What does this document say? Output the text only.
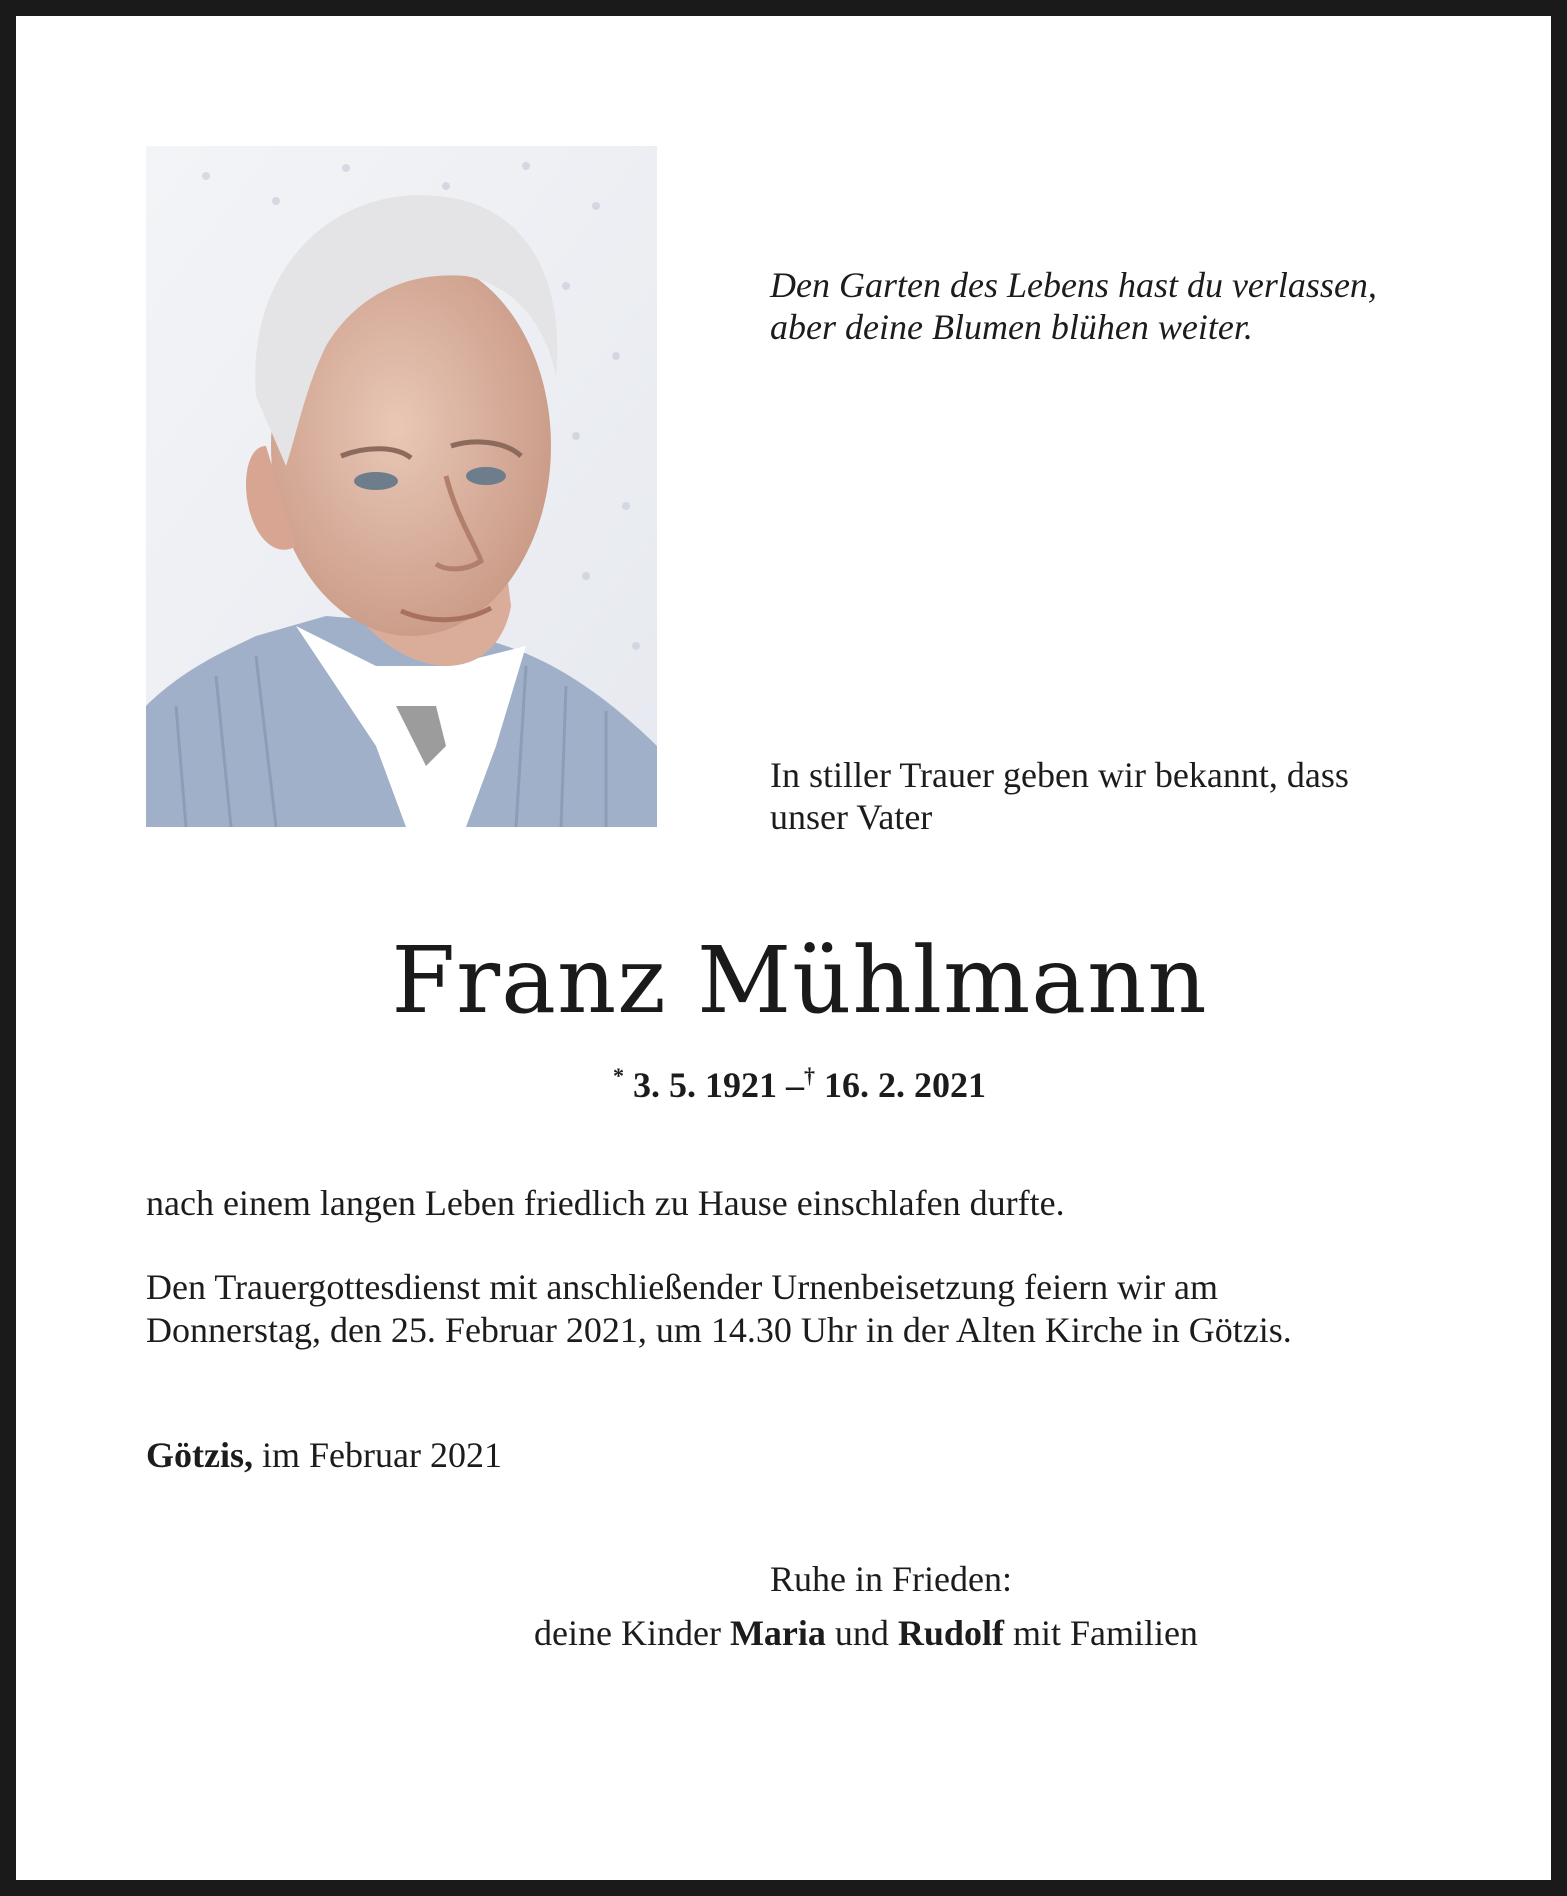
Den Garten des Lebens hast du verlassen,
aber deine Blumen blühen weiter.
In stiller Trauer geben wir bekannt, dass
unser Vater
Franz Mühlmann
* 3. 5. 1921 –† 16. 2. 2021
nach einem langen Leben friedlich zu Hause einschlafen durfte.
Den Trauergottesdienst mit anschließender Urnenbeisetzung feiern wir am
Donnerstag, den 25. Februar 2021, um 14.30 Uhr in der Alten Kirche in Götzis.
Götzis, im Februar 2021
Ruhe in Frieden:
deine Kinder Maria und Rudolf mit Familien
